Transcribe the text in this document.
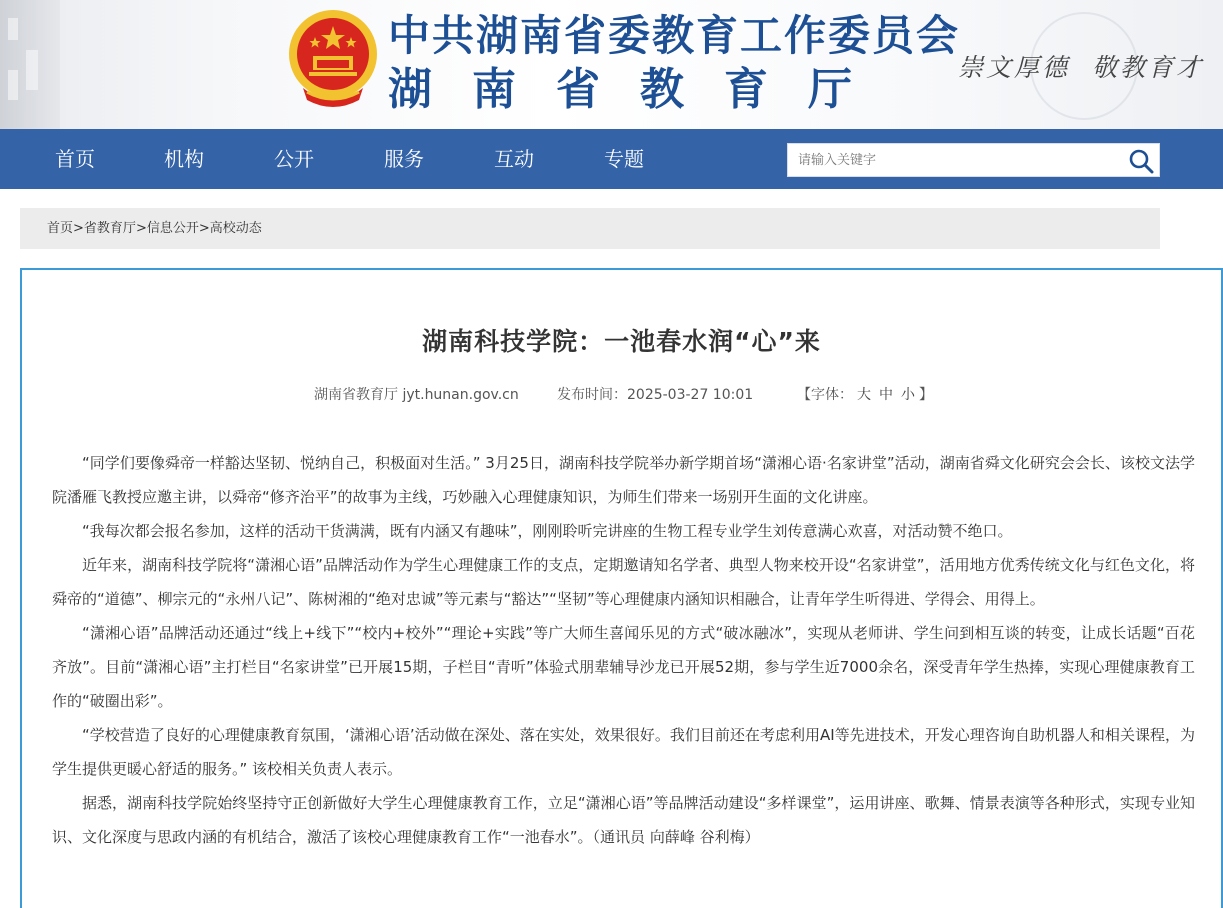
中共湖南省委教育工作委员会
湖南省教育厅	崇文厚德 敬教育才
首页	机构	公开	服务	互动	专题
请输入关键字
首页>省教育厅>信息公开>高校动态
湖南科技学院：一池春水润“心”来
湖南省教育厅 jyt.hunan.gov.cn	发布时间：2025-03-27 10:01	【字体： 大 中 小 】

“同学们要像舜帝一样豁达坚韧、悦纳自己，积极面对生活。” 3月25日，湖南科技学院举办新学期首场“潇湘心语·名家讲堂”活动，湖南省舜文化研究会会长、该校文法学院潘雁飞教授应邀主讲，以舜帝“修齐治平”的故事为主线，巧妙融入心理健康知识，为师生们带来一场别开生面的文化讲座。

“我每次都会报名参加，这样的活动干货满满，既有内涵又有趣味”，刚刚聆听完讲座的生物工程专业学生刘传意满心欢喜，对活动赞不绝口。

近年来，湖南科技学院将“潇湘心语”品牌活动作为学生心理健康工作的支点，定期邀请知名学者、典型人物来校开设“名家讲堂”，活用地方优秀传统文化与红色文化，将舜帝的“道德”、柳宗元的“永州八记”、陈树湘的“绝对忠诚”等元素与“豁达”“坚韧”等心理健康内涵知识相融合，让青年学生听得进、学得会、用得上。

“潇湘心语”品牌活动还通过“线上+线下”“校内+校外”“理论+实践”等广大师生喜闻乐见的方式“破冰融冰”，实现从老师讲、学生问到相互谈的转变，让成长话题“百花齐放”。目前“潇湘心语”主打栏目“名家讲堂”已开展15期，子栏目“青听”体验式朋辈辅导沙龙已开展52期，参与学生近7000余名，深受青年学生热捧，实现心理健康教育工作的“破圈出彩”。

“学校营造了良好的心理健康教育氛围，‘潇湘心语’活动做在深处、落在实处，效果很好。我们目前还在考虑利用AI等先进技术，开发心理咨询自助机器人和相关课程，为学生提供更暖心舒适的服务。” 该校相关负责人表示。

据悉，湖南科技学院始终坚持守正创新做好大学生心理健康教育工作，立足“潇湘心语”等品牌活动建设“多样课堂”，运用讲座、歌舞、情景表演等各种形式，实现专业知识、文化深度与思政内涵的有机结合，激活了该校心理健康教育工作“一池春水”。（通讯员 向薛峰 谷利梅）
